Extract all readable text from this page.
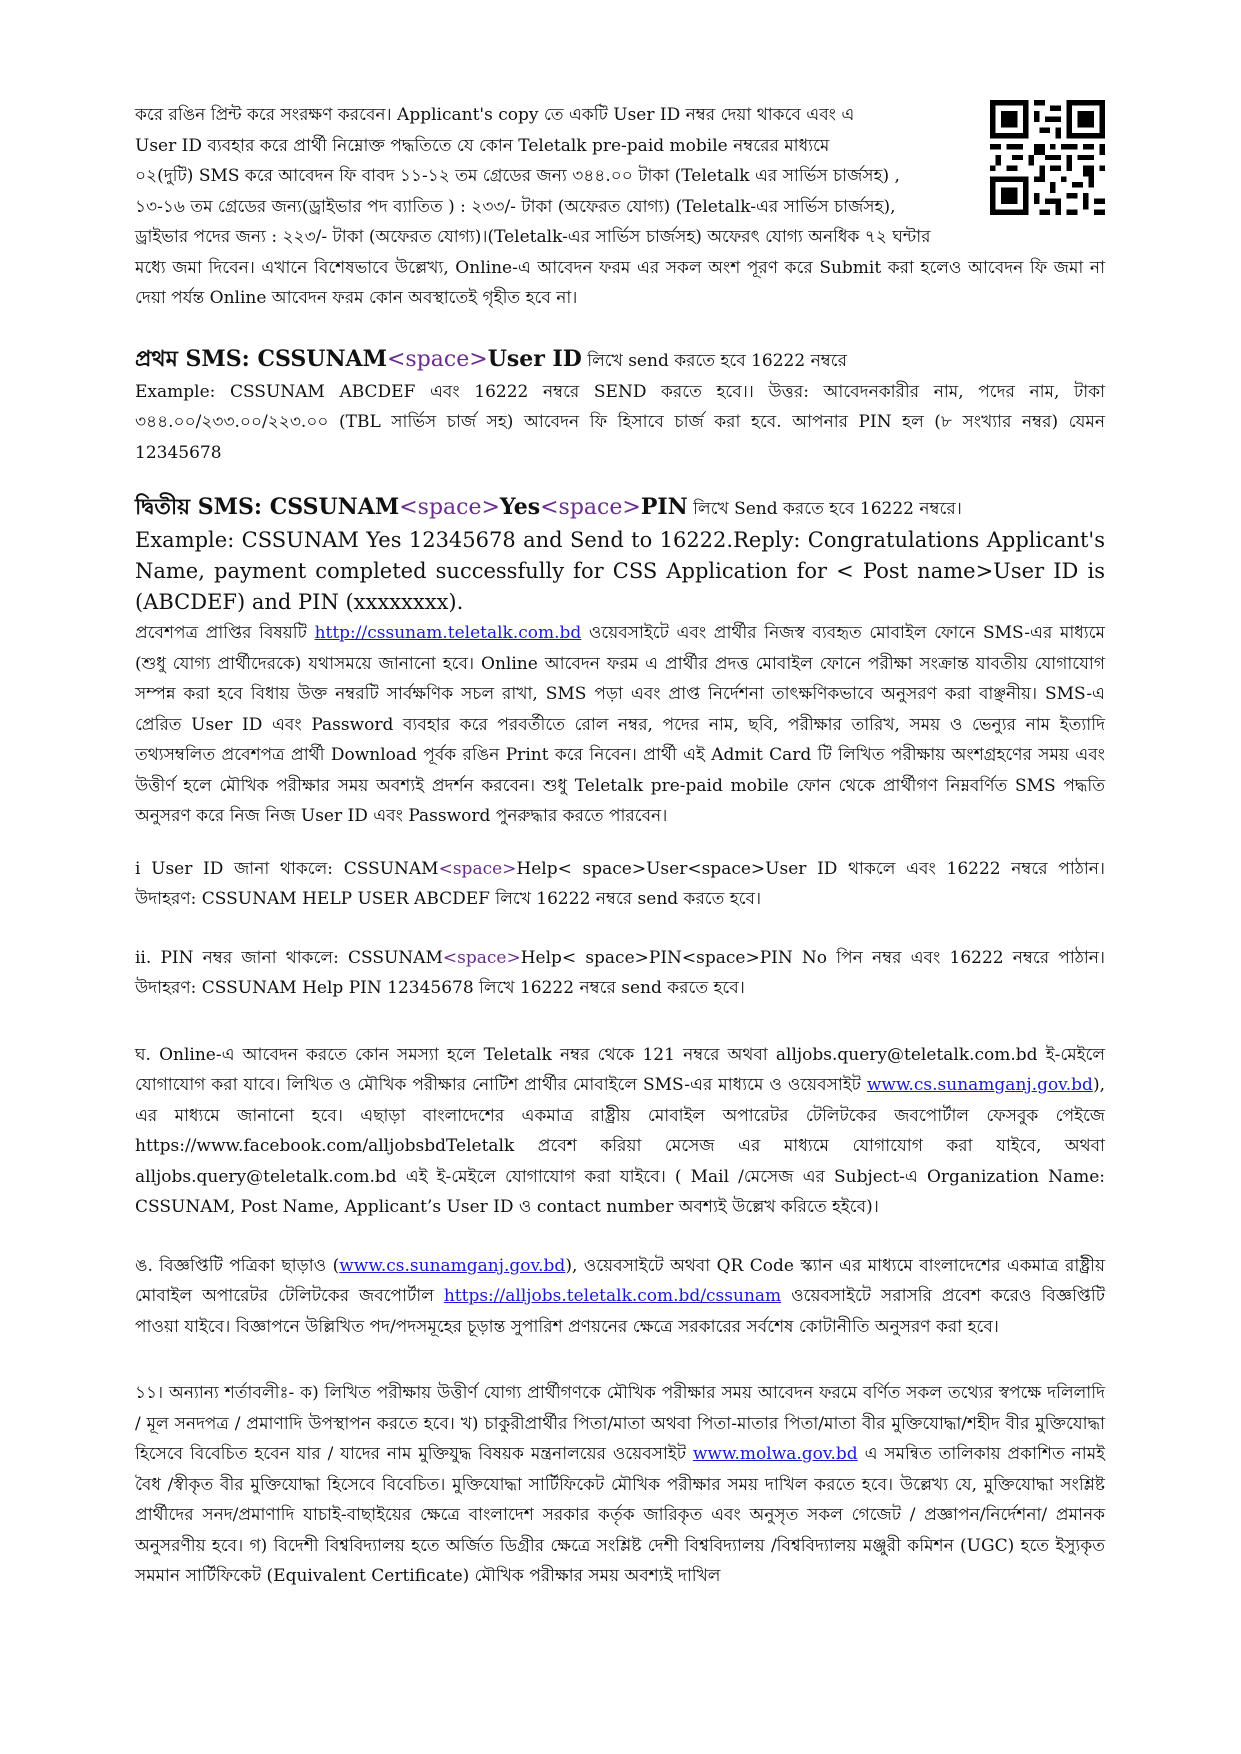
করে রঙিন প্রিন্ট করে সংরক্ষণ করবেন। Applicant's copy তে একটি User ID নম্বর দেয়া থাকবে এবং এ

User ID ব্যবহার করে প্রার্থী নিম্নোক্ত পদ্ধতিতে যে কোন Teletalk pre-paid mobile নম্বরের মাধ্যমে

০২(দুটি) SMS করে আবেদন ফি বাবদ ১১-১২ তম গ্রেডের জন্য ৩৪৪.০০ টাকা (Teletalk এর সার্ভিস চার্জসহ) ,

১৩-১৬ তম গ্রেডের জন্য(ড্রাইভার পদ ব্যাতিত ) : ২৩৩/- টাকা (অফেরত যোগ্য) (Teletalk-এর সার্ভিস চার্জসহ),

ড্রাইভার পদের জন্য : ২২৩/- টাকা (অফেরত যোগ্য)।(Teletalk-এর সার্ভিস চার্জসহ) অফেরৎ যোগ্য অনধিক ৭২ ঘন্টার

মধ্যে জমা দিবেন। এখানে বিশেষভাবে উল্লেখ্য, Online-এ আবেদন ফরম এর সকল অংশ পূরণ করে Submit করা হলেও আবেদন ফি জমা না দেয়া পর্যন্ত Online আবেদন ফরম কোন অবস্থাতেই গৃহীত হবে না।

প্রথম SMS: CSSUNAM<space>User ID লিখে send করতে হবে 16222 নম্বরে

Example: CSSUNAM ABCDEF এবং 16222 নম্বরে SEND করতে হবে।। উত্তর: আবেদনকারীর নাম, পদের নাম, টাকা ৩৪৪.০০/২৩৩.০০/২২৩.০০ (TBL সার্ভিস চার্জ সহ) আবেদন ফি হিসাবে চার্জ করা হবে. আপনার PIN হল (৮ সংখ্যার নম্বর) যেমন 12345678

দ্বিতীয় SMS: CSSUNAM<space>Yes<space>PIN লিখে Send করতে হবে 16222 নম্বরে।

Example: CSSUNAM Yes 12345678 and Send to 16222.Reply: Congratulations Applicant's Name, payment completed successfully for CSS Application for < Post name>User ID is (ABCDEF) and PIN (xxxxxxxx).

প্রবেশপত্র প্রাপ্তির বিষয়টি http://cssunam.teletalk.com.bd ওয়েবসাইটে এবং প্রার্থীর নিজস্ব ব্যবহৃত মোবাইল ফোনে SMS-এর মাধ্যমে (শুধু যোগ্য প্রার্থীদেরকে) যথাসময়ে জানানো হবে। Online আবেদন ফরম এ প্রার্থীর প্রদত্ত মোবাইল ফোনে পরীক্ষা সংক্রান্ত যাবতীয় যোগাযোগ সম্পন্ন করা হবে বিধায় উক্ত নম্বরটি সার্বক্ষণিক সচল রাখা, SMS পড়া এবং প্রাপ্ত নির্দেশনা তাৎক্ষণিকভাবে অনুসরণ করা বাঞ্ছনীয়। SMS-এ প্রেরিত User ID এবং Password ব্যবহার করে পরবর্তীতে রোল নম্বর, পদের নাম, ছবি, পরীক্ষার তারিখ, সময় ও ভেন্যুর নাম ইত্যাদি তথ্যসম্বলিত প্রবেশপত্র প্রার্থী Download পূর্বক রঙিন Print করে নিবেন। প্রার্থী এই Admit Card টি লিখিত পরীক্ষায় অংশগ্রহণের সময় এবং উত্তীর্ণ হলে মৌখিক পরীক্ষার সময় অবশ্যই প্রদর্শন করবেন। শুধু Teletalk pre-paid mobile ফোন থেকে প্রার্থীগণ নিম্নবর্ণিত SMS পদ্ধতি অনুসরণ করে নিজ নিজ User ID এবং Password পুনরুদ্ধার করতে পারবেন।

i User ID জানা থাকলে: CSSUNAM<space>Help< space>User<space>User ID থাকলে এবং 16222 নম্বরে পাঠান। উদাহরণ: CSSUNAM HELP USER ABCDEF লিখে 16222 নম্বরে send করতে হবে।

ii. PIN নম্বর জানা থাকলে: CSSUNAM<space>Help< space>PIN<space>PIN No পিন নম্বর এবং 16222 নম্বরে পাঠান। উদাহরণ: CSSUNAM Help PIN 12345678 লিখে 16222 নম্বরে send করতে হবে।

ঘ. Online-এ আবেদন করতে কোন সমস্যা হলে Teletalk নম্বর থেকে 121 নম্বরে অথবা alljobs.query@teletalk.com.bd ই-মেইলে যোগাযোগ করা যাবে। লিখিত ও মৌখিক পরীক্ষার নোটিশ প্রার্থীর মোবাইলে SMS-এর মাধ্যমে ও ওয়েবসাইট www.cs.sunamganj.gov.bd), এর মাধ্যমে জানানো হবে। এছাড়া বাংলাদেশের একমাত্র রাষ্ট্রীয় মোবাইল অপারেটর টেলিটকের জবপোর্টাল ফেসবুক পেইজে https://www.facebook.com/alljobsbdTeletalk প্রবেশ করিয়া মেসেজ এর মাধ্যমে যোগাযোগ করা যাইবে, অথবা alljobs.query@teletalk.com.bd এই ই-মেইলে যোগাযোগ করা যাইবে। ( Mail /মেসেজ এর Subject-এ Organization Name: CSSUNAM, Post Name, Applicant’s User ID ও contact number অবশ্যই উল্লেখ করিতে হইবে)।

ঙ. বিজ্ঞপ্তিটি পত্রিকা ছাড়াও (www.cs.sunamganj.gov.bd), ওয়েবসাইটে অথবা QR Code স্ক্যান এর মাধ্যমে বাংলাদেশের একমাত্র রাষ্ট্রীয় মোবাইল অপারেটর টেলিটকের জবপোর্টাল https://alljobs.teletalk.com.bd/cssunam ওয়েবসাইটে সরাসরি প্রবেশ করেও বিজ্ঞপ্তিটি পাওয়া যাইবে। বিজ্ঞাপনে উল্লিখিত পদ/পদসমূহের চূড়ান্ত সুপারিশ প্রণয়নের ক্ষেত্রে সরকারের সর্বশেষ কোটানীতি অনুসরণ করা হবে।

১১। অন্যান্য শর্তাবলীঃ- ক) লিখিত পরীক্ষায় উত্তীর্ণ যোগ্য প্রার্থীগণকে মৌখিক পরীক্ষার সময় আবেদন ফরমে বর্ণিত সকল তথ্যের স্বপক্ষে দলিলাদি / মূল সনদপত্র / প্রমাণাদি উপস্থাপন করতে হবে। খ) চাকুরীপ্রার্থীর পিতা/মাতা অথবা পিতা-মাতার পিতা/মাতা বীর মুক্তিযোদ্ধা/শহীদ বীর মুক্তিযোদ্ধা হিসেবে বিবেচিত হবেন যার / যাদের নাম মুক্তিযুদ্ধ বিষয়ক মন্ত্রনালয়ের ওয়েবসাইট www.molwa.gov.bd এ সমন্বিত তালিকায় প্রকাশিত নামই বৈধ /স্বীকৃত বীর মুক্তিযোদ্ধা হিসেবে বিবেচিত। মুক্তিযোদ্ধা সার্টিফিকেট মৌখিক পরীক্ষার সময় দাখিল করতে হবে। উল্লেখ্য যে, মুক্তিযোদ্ধা সংশ্লিষ্ট প্রার্থীদের সনদ/প্রমাণাদি যাচাই-বাছাইয়ের ক্ষেত্রে বাংলাদেশ সরকার কর্তৃক জারিকৃত এবং অনুসৃত সকল গেজেট / প্রজ্ঞাপন/নির্দেশনা/ প্রমানক অনুসরণীয় হবে। গ) বিদেশী বিশ্ববিদ্যালয় হতে অর্জিত ডিগ্রীর ক্ষেত্রে সংশ্লিষ্ট দেশী বিশ্ববিদ্যালয় /বিশ্ববিদ্যালয় মঞ্জুরী কমিশন (UGC) হতে ইস্যুকৃত সমমান সার্টিফিকেট (Equivalent Certificate) মৌখিক পরীক্ষার সময় অবশ্যই দাখিল
